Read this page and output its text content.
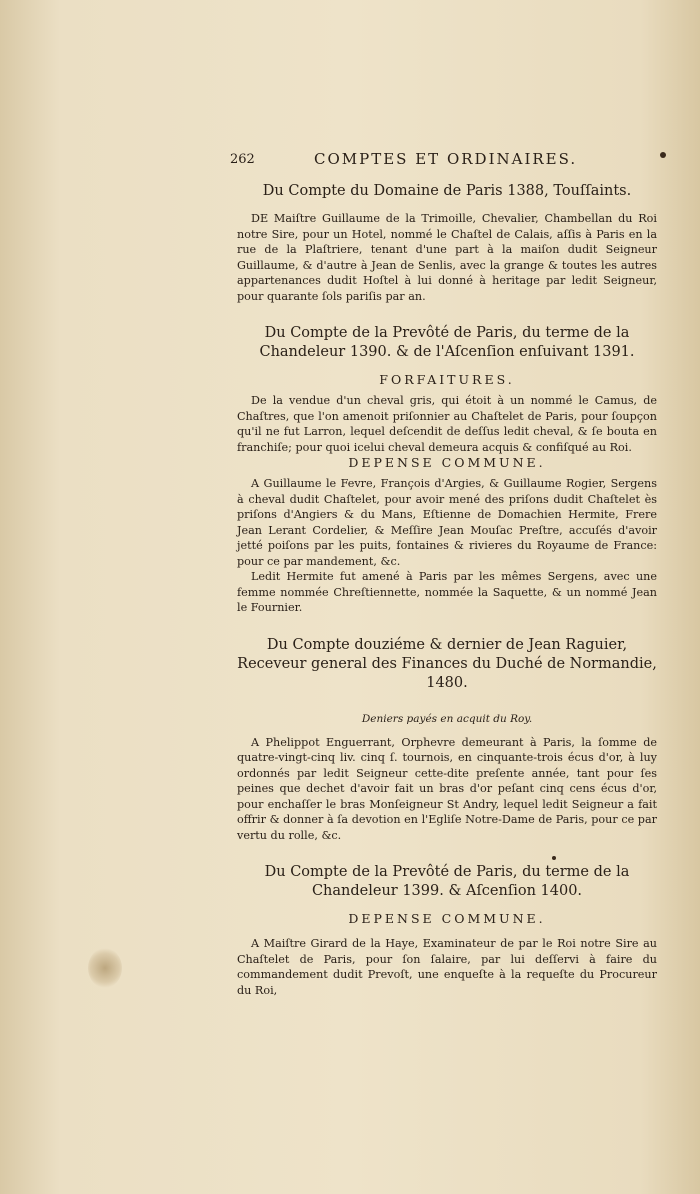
262	COMPTES ET ORDINAIRES.
Du Compte du Domaine de Paris 1388, Touſſaints.

DE Maiſtre Guillaume de la Trimoille, Chevalier, Chambellan du Roi notre Sire, pour un Hotel, nommé le Chaſtel de Calais, aſſis à Paris en la rue de la Plaſtriere, tenant d'une part à la maiſon dudit Seigneur Guillaume, & d'autre à Jean de Senlis, avec la grange & toutes les autres appartenances dudit Hoſtel à lui donné à heritage par ledit Seigneur, pour quarante ſols pariſis par an.

Du Compte de la Prevôté de Paris, du terme de la Chandeleur 1390. & de l'Aſcenſion enſuivant 1391.
FORFAITURES.

De la vendue d'un cheval gris, qui étoit à un nommé le Camus, de Chaſtres, que l'on amenoit priſonnier au Chaſtelet de Paris, pour ſoupçon qu'il ne fut Larron, lequel deſcendit de deſſus ledit cheval, & ſe bouta en franchiſe; pour quoi icelui cheval demeura acquis & confiſqué au Roi.

DEPENSE COMMUNE.

A Guillaume le Fevre, François d'Argies, & Guillaume Rogier, Sergens à cheval dudit Chaſtelet, pour avoir mené des priſons dudit Chaſtelet ès priſons d'Angiers & du Mans, Eſtienne de Domachien Hermite, Frere Jean Lerant Cordelier, & Meſſire Jean Mouſac Preſtre, accuſés d'avoir jetté poiſons par les puits, fontaines & rivieres du Royaume de France: pour ce par mandement, &c.

Ledit Hermite fut amené à Paris par les mêmes Sergens, avec une femme nommée Chreſtiennette, nommée la Saquette, & un nommé Jean le Fournier.

Du Compte douziéme & dernier de Jean Raguier, Receveur general des Finances du Duché de Normandie, 1480.
Deniers payés en acquit du Roy.

A Phelippot Enguerrant, Orphevre demeurant à Paris, la ſomme de quatre-vingt-cinq liv. cinq ſ. tournois, en cinquante-trois écus d'or, à luy ordonnés par ledit Seigneur cette-dite preſente année, tant pour ſes peines que dechet d'avoir fait un bras d'or peſant cinq cens écus d'or, pour enchaſſer le bras Monſeigneur St Andry, lequel ledit Seigneur a fait offrir & donner à ſa devotion en l'Egliſe Notre-Dame de Paris, pour ce par vertu du rolle, &c.

Du Compte de la Prevôté de Paris, du terme de la Chandeleur 1399. & Aſcenſion 1400.
DEPENSE COMMUNE.

A Maiſtre Girard de la Haye, Examinateur de par le Roi notre Sire au Chaſtelet de Paris, pour ſon ſalaire, par lui deſſervi à faire du commandement dudit Prevoſt, une enqueſte à la requeſte du Procureur du Roi,
